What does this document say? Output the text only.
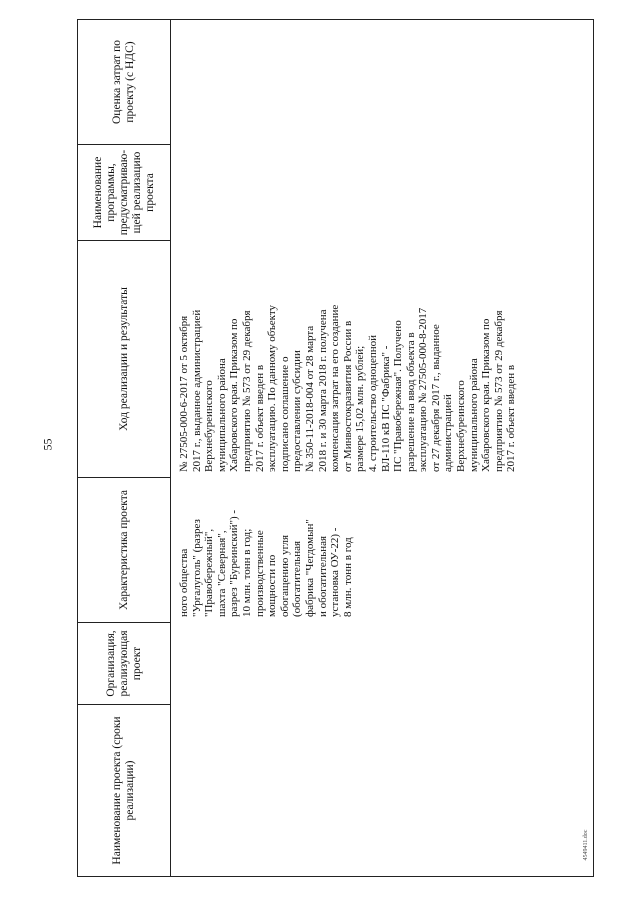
55
Наименование проекта (сроки реализации)
Организация, реализующая проект
Характеристика проекта
Ход реализации и результаты
Наименование программы, предусматриваю-щей реализацию проекта
Оценка затрат по проекту (с НДС)
ного общества
"Ургалуголь" (разрез
"Правобережный",
шахта "Северная",
разрез "Буреинский") -
10 млн. тонн в год;
производственные
мощности по
обогащению угля
(обогатительная
фабрика "Чегдомын"
и обогатительная
установка ОУ-22) -
8 млн. тонн в год
№ 27505-000-6-2017 от 5 октября
2017 г., выданное администрацией
Верхнебуреинского
муниципального района
Хабаровского края. Приказом по
предприятию № 573 от 29 декабря
2017 г. объект введен в
эксплуатацию. По данному объекту
подписано соглашение о
предоставлении субсидии
№ 350-11-2018-004 от 28 марта
2018 г. и 30 марта 2018 г. получена
компенсация затрат на его создание
от Минвостокразвития России в
размере 15,02 млн. рублей;
4. строительство одноцепной
ВЛ-110 кВ ПС "Фабрика" -
ПС "Правобережная". Получено
разрешение на ввод объекта в
эксплуатацию № 27505-000-8-2017
от 27 декабря 2017 г., выданное
администрацией
Верхнебуреинского
муниципального района
Хабаровского края. Приказом по
предприятию № 573 от 29 декабря
2017 г. объект введен в
4549411.doc
